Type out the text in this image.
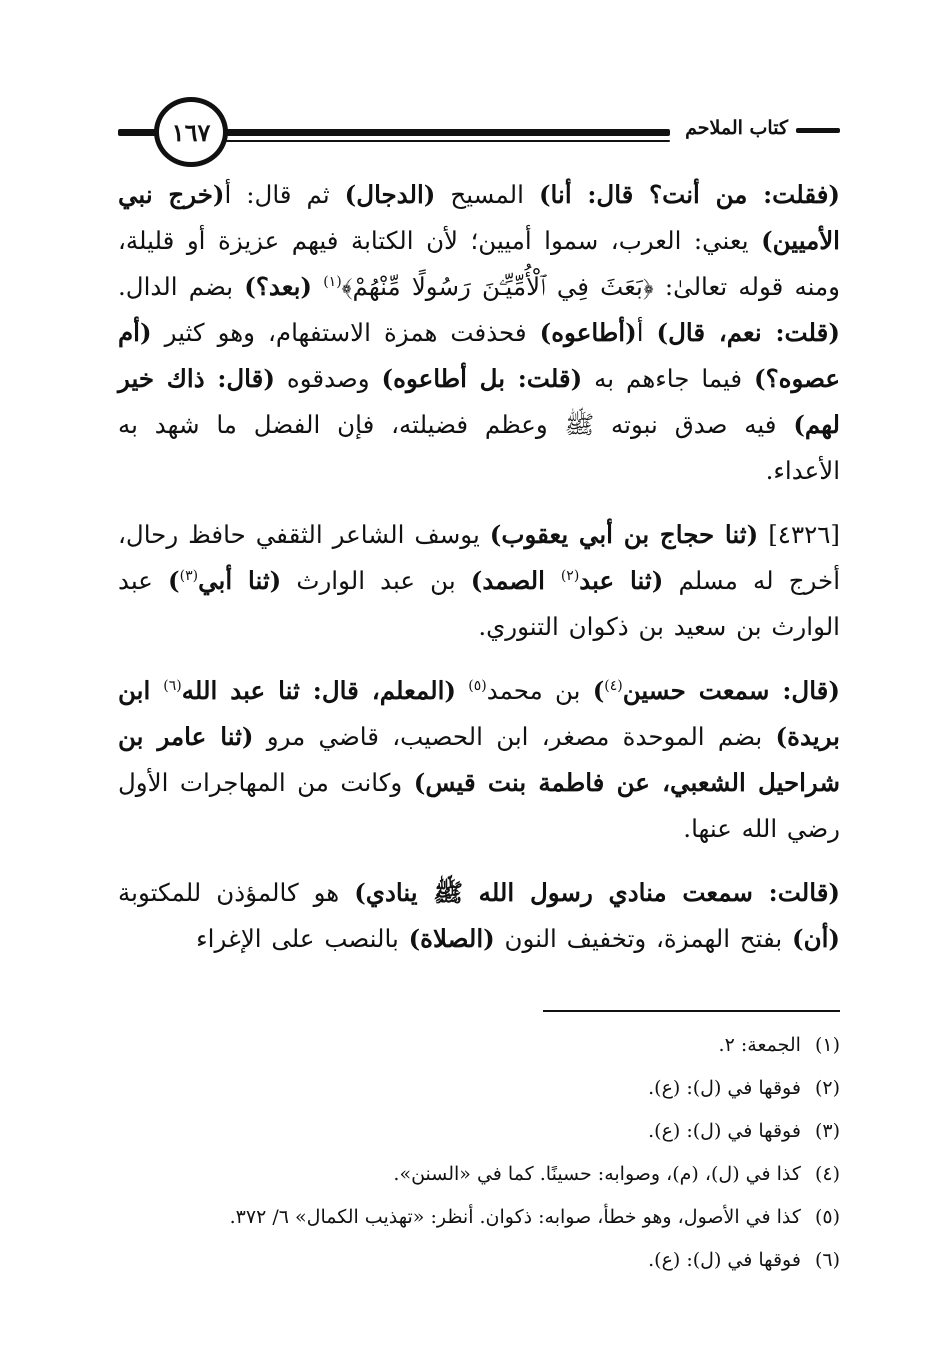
١٦٧	كتاب الملاحم

(فقلت: من أنت؟ قال: أنا) المسيح (الدجال) ثم قال: أ(خرج نبي الأميين) يعني: العرب، سموا أميين؛ لأن الكتابة فيهم عزيزة أو قليلة، ومنه قوله تعالىٰ: ﴿بَعَثَ فِي ٱلْأُمِّيِّـۧنَ رَسُولًا مِّنْهُمْ﴾$^{(١)}$ (بعد؟) بضم الدال. (قلت: نعم، قال) أ(أطاعوه) فحذفت همزة الاستفهام، وهو كثير (أم عصوه؟) فيما جاءهم به (قلت: بل أطاعوه) وصدقوه (قال: ذاك خير لهم) فيه صدق نبوته ﷺ وعظم فضيلته، فإن الفضل ما شهد به الأعداء.

[٤٣٢٦] (ثنا حجاج بن أبي يعقوب) يوسف الشاعر الثقفي حافظ رحال، أخرج له مسلم (ثنا عبد$^{(٢)}$ الصمد) بن عبد الوارث (ثنا أبي$^{(٣)}$) عبد الوارث بن سعيد بن ذكوان التنوري.

(قال: سمعت حسين$^{(٤)}$) بن محمد$^{(٥)}$ (المعلم، قال: ثنا عبد الله$^{(٦)}$ ابن بريدة) بضم الموحدة مصغر، ابن الحصيب، قاضي مرو (ثنا عامر بن شراحيل الشعبي، عن فاطمة بنت قيس) وكانت من المهاجرات الأول رضي الله عنها.

(قالت: سمعت منادي رسول الله ﷺ ينادي) هو كالمؤذن للمكتوبة (أن) بفتح الهمزة، وتخفيف النون (الصلاة) بالنصب على الإغراء

(١)الجمعة: ٢.
(٢)فوقها في (ل): (ع).
(٣)فوقها في (ل): (ع).
(٤)كذا في (ل)، (م)، وصوابه: حسينًا. كما في «السنن».
(٥)كذا في الأصول، وهو خطأ، صوابه: ذكوان. أنظر: «تهذيب الكمال» ٦/ ٣٧٢.
(٦)فوقها في (ل): (ع).
